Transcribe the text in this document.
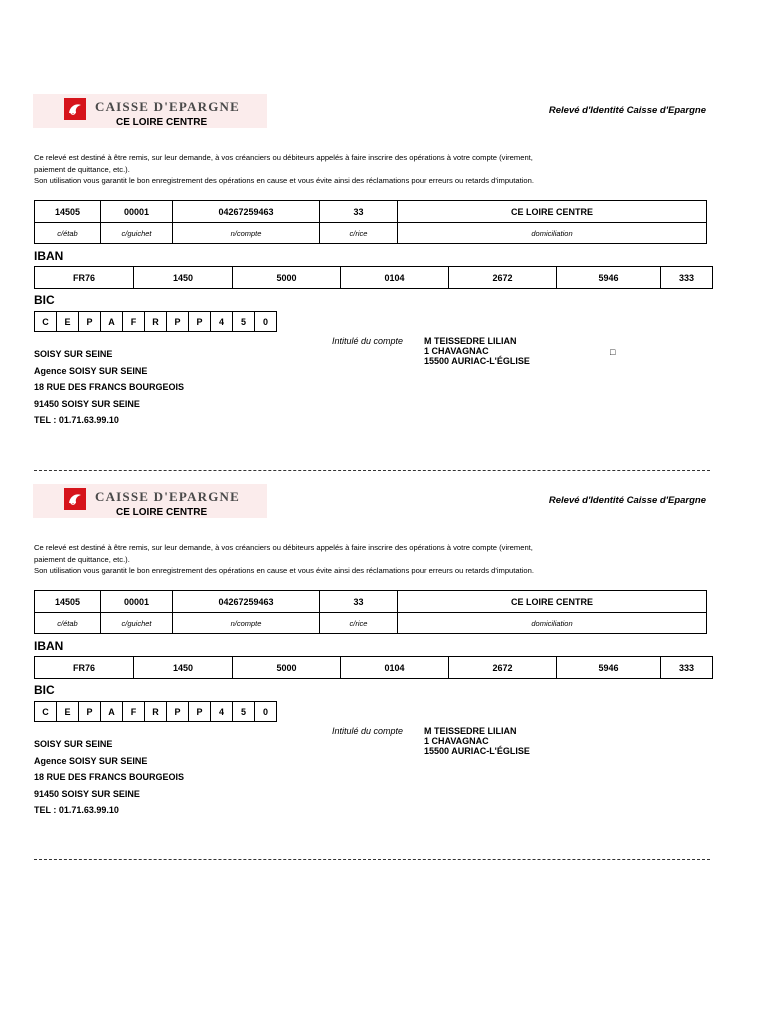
CAISSE D'EPARGNE
CE LOIRE CENTRE
Relevé d'Identité Caisse d'Epargne
Ce relevé est destiné à être remis, sur leur demande, à vos créanciers ou débiteurs appelés à faire inscrire des opérations à votre compte (virement,
paiement de quittance, etc.).
Son utilisation vous garantit le bon enregistrement des opérations en cause et vous évite ainsi des réclamations pour erreurs ou retards d'imputation.
14505	00001	04267259463	33	CE LOIRE CENTRE
c/étab	c/guichet	n/compte	c/rice	domiciliation
IBAN
FR76	1450	5000	0104	2672	5946	333
BIC
C	E	P	A	F	R	P	P	4	5	0
Intitulé du compte M TEISSEDRE LILIAN
1 CHAVAGNAC
15500 AURIAC-L'ÉGLISE
□
SOISY SUR SEINE
Agence SOISY SUR SEINE
18 RUE DES FRANCS BOURGEOIS
91450 SOISY SUR SEINE
TEL : 01.71.63.99.10
CAISSE D'EPARGNE
CE LOIRE CENTRE
Relevé d'Identité Caisse d'Epargne
Ce relevé est destiné à être remis, sur leur demande, à vos créanciers ou débiteurs appelés à faire inscrire des opérations à votre compte (virement,
paiement de quittance, etc.).
Son utilisation vous garantit le bon enregistrement des opérations en cause et vous évite ainsi des réclamations pour erreurs ou retards d'imputation.
14505	00001	04267259463	33	CE LOIRE CENTRE
c/étab	c/guichet	n/compte	c/rice	domiciliation
IBAN
FR76	1450	5000	0104	2672	5946	333
BIC
C	E	P	A	F	R	P	P	4	5	0
Intitulé du compte M TEISSEDRE LILIAN
1 CHAVAGNAC
15500 AURIAC-L'ÉGLISE
SOISY SUR SEINE
Agence SOISY SUR SEINE
18 RUE DES FRANCS BOURGEOIS
91450 SOISY SUR SEINE
TEL : 01.71.63.99.10
